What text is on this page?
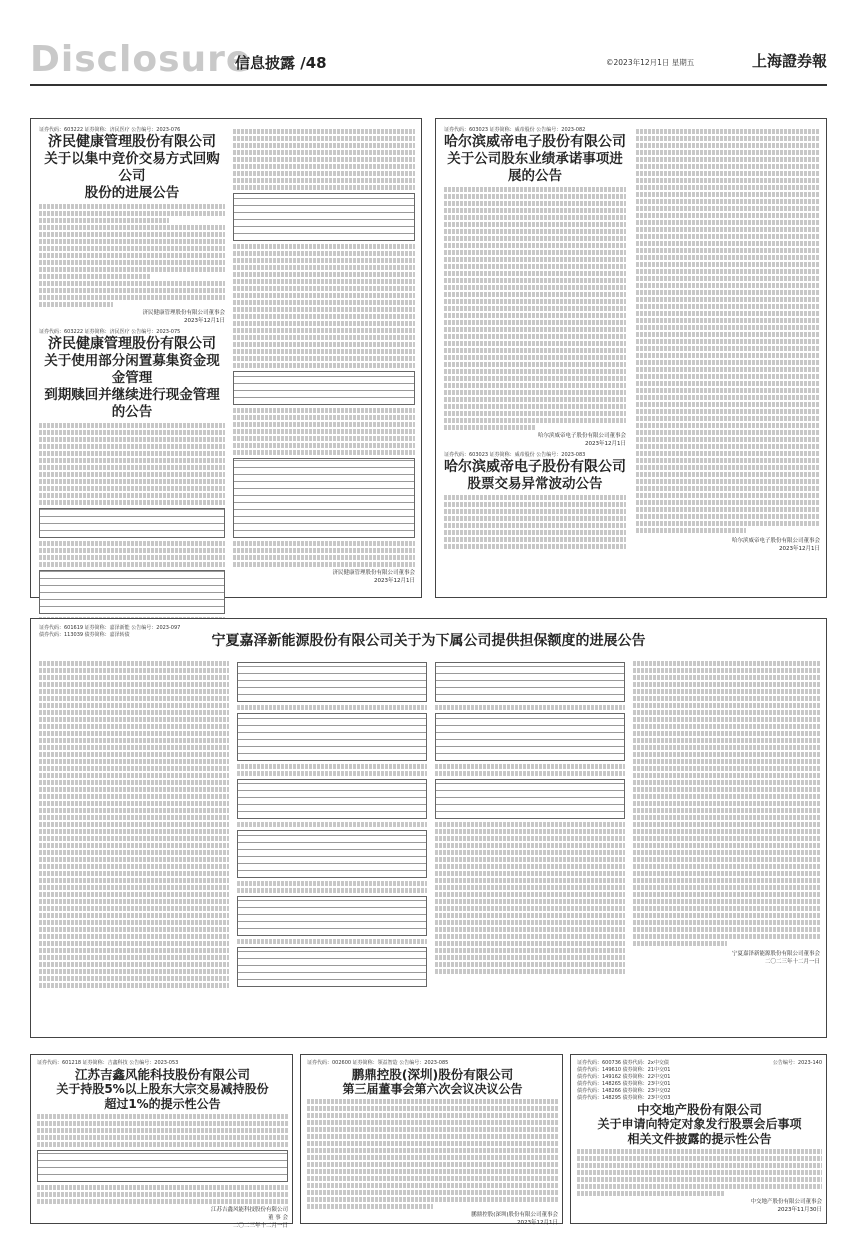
Disclosure
信息披露 /48	©2023年12月1日 星期五	上海證券報
证券代码：603222 证券简称：济民医疗 公告编号：2023-076
济民健康管理股份有限公司
关于以集中竞价交易方式回购公司
股份的进展公告
济民健康管理股份有限公司董事会
2023年12月1日
证券代码：603222 证券简称：济民医疗 公告编号：2023-075
济民健康管理股份有限公司
关于使用部分闲置募集资金现金管理
到期赎回并继续进行现金管理的公告
济民健康管理股份有限公司董事会
2023年12月1日
证券代码：603023 证券简称：威帝股份 公告编号：2023-082
哈尔滨威帝电子股份有限公司
关于公司股东业绩承诺事项进展的公告
哈尔滨威帝电子股份有限公司董事会
2023年12月1日
证券代码：603023 证券简称：威帝股份 公告编号：2023-083
哈尔滨威帝电子股份有限公司
股票交易异常波动公告
哈尔滨威帝电子股份有限公司董事会
2023年12月1日
证券代码：601619 证券简称：嘉泽新能 公告编号：2023-097
债券代码：113039 债券简称：嘉泽转债	宁夏嘉泽新能源股份有限公司关于为下属公司提供担保额度的进展公告
宁夏嘉泽新能源股份有限公司董事会
二〇二三年十二月一日
证券代码：601218 证券简称：吉鑫科技 公告编号：2023-053
江苏吉鑫风能科技股份有限公司
关于持股5%以上股东大宗交易减持股份
超过1%的提示性公告
江苏吉鑫风能科技股份有限公司
董 事 会
二〇二三年十二月一日
证券代码：002600 证券简称：领益智造 公告编号：2023-085
鹏鼎控股(深圳)股份有限公司
第三届董事会第六次会议决议公告
鹏鼎控股(深圳)股份有限公司董事会
2023年12月1日
证券代码：600736 债券代码：2x中交债
债券代码：149610 债券简称：21中交01
债券代码：149162 债券简称：22中交01
债券代码：148265 债券简称：23中交01
债券代码：148266 债券简称：23中交02
债券代码：148295 债券简称：23中交03
公告编号：2023-140
中交地产股份有限公司
关于申请向特定对象发行股票会后事项
相关文件披露的提示性公告
中交地产股份有限公司董事会
2023年11月30日
